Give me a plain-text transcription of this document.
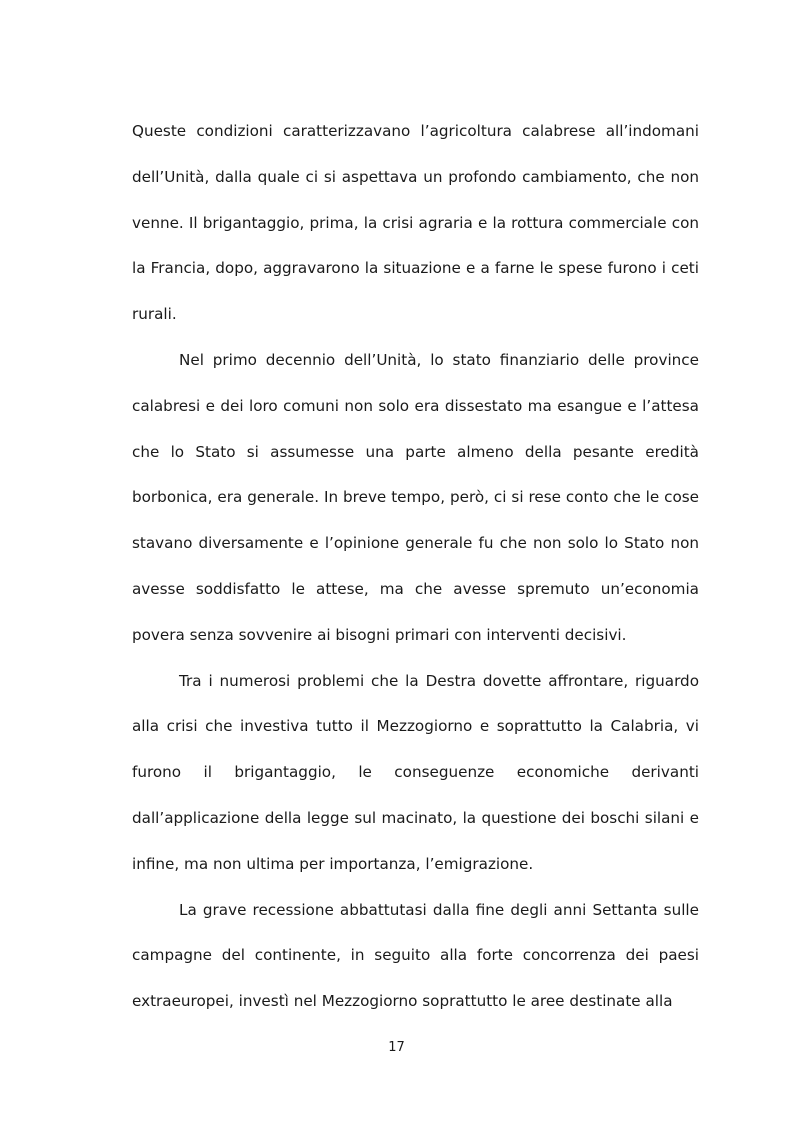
Queste condizioni caratterizzavano l’agricoltura calabrese all’indomani dell’Unità, dalla quale ci si aspettava un profondo cambiamento, che non venne. Il brigantaggio, prima, la crisi agraria e la rottura commerciale con la Francia, dopo, aggravarono la situazione e a farne le spese furono i ceti rurali.

Nel primo decennio dell’Unità, lo stato finanziario delle province calabresi e dei loro comuni non solo era dissestato ma esangue e l’attesa che lo Stato si assumesse una parte almeno della pesante eredità borbonica, era generale. In breve tempo, però, ci si rese conto che le cose stavano diversamente e l’opinione generale fu che non solo lo Stato non avesse soddisfatto le attese, ma che avesse spremuto un’economia povera senza sovvenire ai bisogni primari con interventi decisivi.

Tra i numerosi problemi che la Destra dovette affrontare, riguardo alla crisi che investiva tutto il Mezzogiorno e soprattutto la Calabria, vi furono il brigantaggio, le conseguenze economiche derivanti dall’applicazione della legge sul macinato, la questione dei boschi silani e infine, ma non ultima per importanza, l’emigrazione.

La grave recessione abbattutasi dalla fine degli anni Settanta sulle campagne del continente, in seguito alla forte concorrenza dei paesi extraeuropei, investì nel Mezzogiorno soprattutto le aree destinate alla

17
